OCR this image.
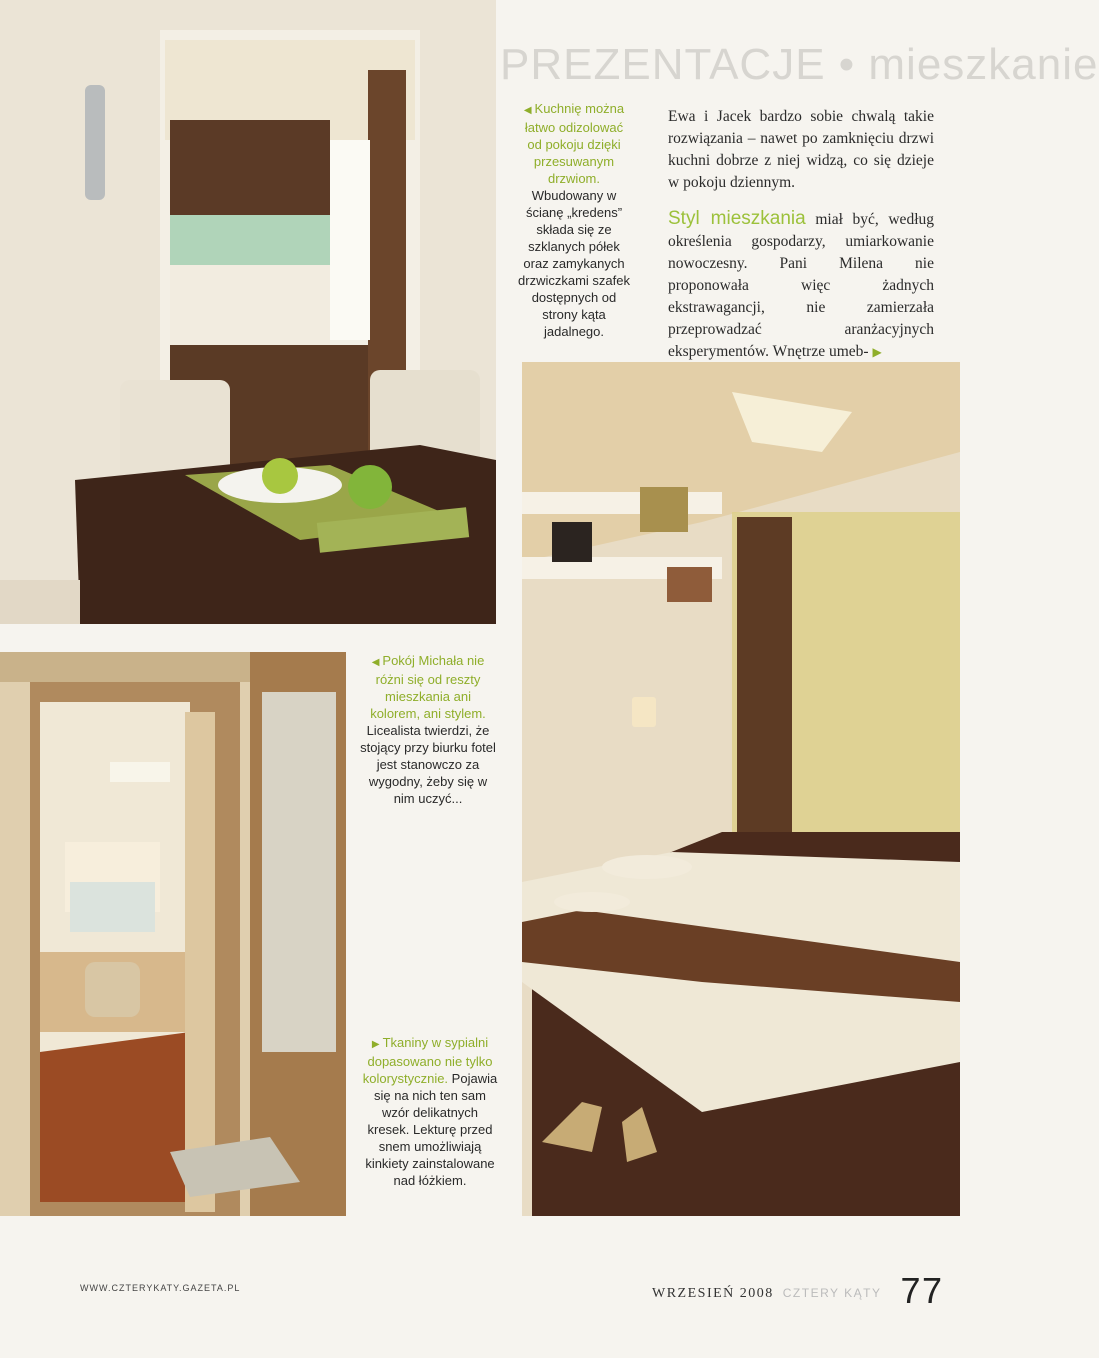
PREZENTACJE • mieszkanie
◀ Kuchnię można łatwo odizolować od pokoju dzięki przesuwanym drzwiom. Wbudowany w ścianę „kredens” składa się ze szklanych półek oraz zamykanych drzwiczkami szafek dostępnych od strony kąta jadalnego.

Ewa i Jacek bardzo sobie chwalą takie rozwiązania – nawet po zamknięciu drzwi kuchni dobrze z niej widzą, co się dzieje w pokoju dziennym.

Styl mieszkania miał być, według określenia gospodarzy, umiarkowanie nowoczesny. Pani Milena nie proponowała więc żadnych ekstrawagancji, nie zamierzała przeprowadzać aranżacyjnych eksperymentów. Wnętrze umeb- ▶

◀ Pokój Michała nie różni się od reszty mieszkania ani kolorem, ani stylem. Licealista twierdzi, że stojący przy biurku fotel jest stanowczo za wygodny, żeby się w nim uczyć...
▶ Tkaniny w sypialni dopasowano nie tylko kolorystycznie. Pojawia się na nich ten sam wzór delikatnych kresek. Lekturę przed snem umożliwiają kinkiety zainstalowane nad łóżkiem.
WWW.CZTERYKATY.GAZETA.PL	WRZESIEŃ 2008 CZTERY KĄTY 77
